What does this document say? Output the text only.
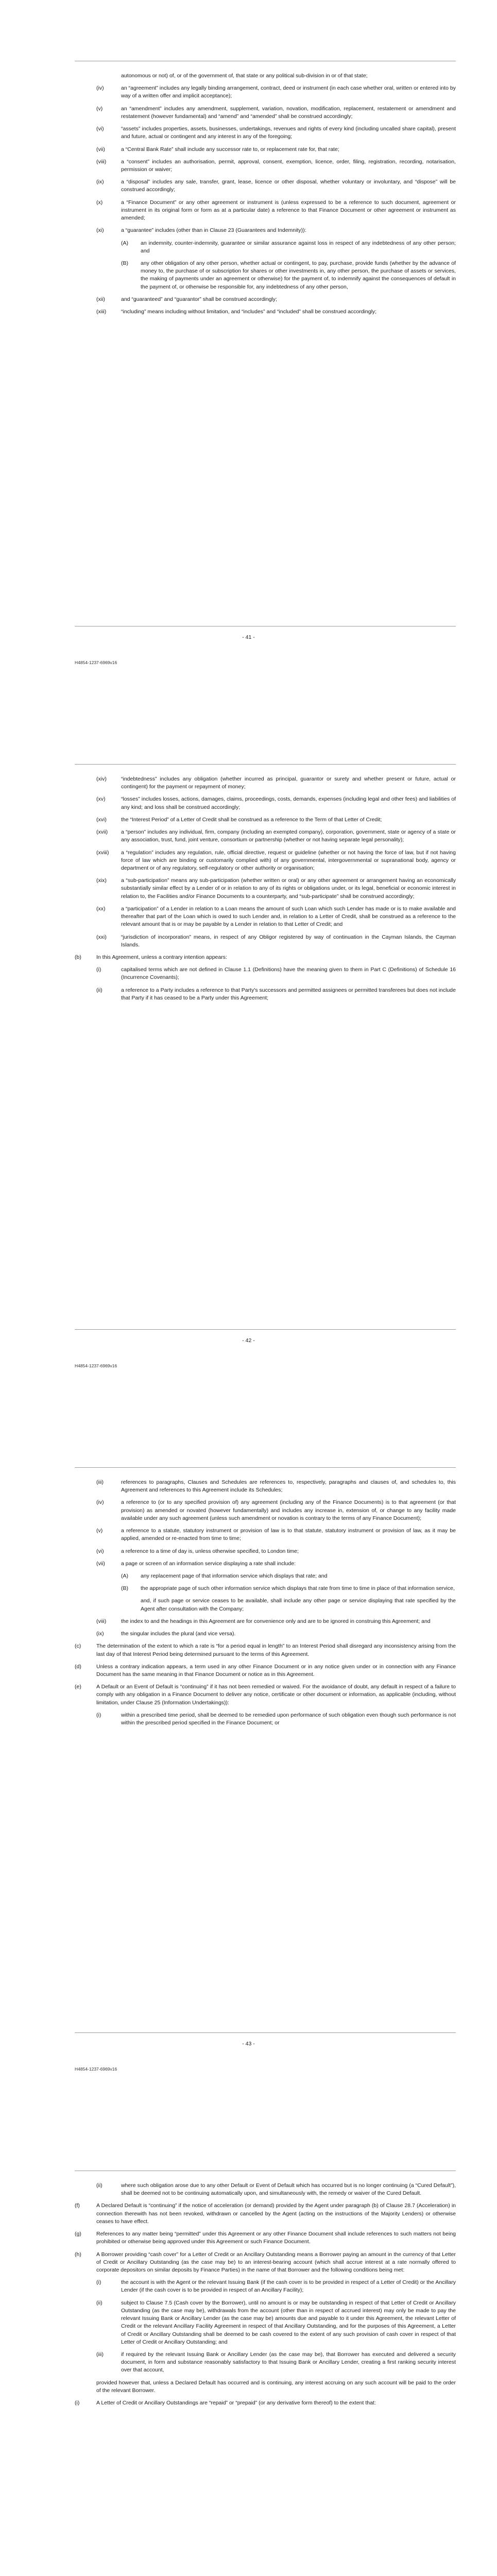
autonomous or not) of, or of the government of, that state or any political sub-division in or of that state;
(iv)	an “agreement” includes any legally binding arrangement, contract, deed or instrument (in each case whether oral, written or entered into by way of a written offer and implicit acceptance);
(v)	an “amendment” includes any amendment, supplement, variation, novation, modification, replacement, restatement or amendment and restatement (however fundamental) and “amend” and “amended” shall be construed accordingly;
(vi)	“assets” includes properties, assets, businesses, undertakings, revenues and rights of every kind (including uncalled share capital), present and future, actual or contingent and any interest in any of the foregoing;
(vii)	a “Central Bank Rate” shall include any successor rate to, or replacement rate for, that rate;
(viii)	a “consent” includes an authorisation, permit, approval, consent, exemption, licence, order, filing, registration, recording, notarisation, permission or waiver;
(ix)	a “disposal” includes any sale, transfer, grant, lease, licence or other disposal, whether voluntary or involuntary, and “dispose” will be construed accordingly;
(x)	a “Finance Document” or any other agreement or instrument is (unless expressed to be a reference to such document, agreement or instrument in its original form or form as at a particular date) a reference to that Finance Document or other agreement or instrument as amended;
(xi)	a “guarantee” includes (other than in Clause 23 (Guarantees and Indemnity)):
(A)	an indemnity, counter-indemnity, guarantee or similar assurance against loss in respect of any indebtedness of any other person; and
(B)	any other obligation of any other person, whether actual or contingent, to pay, purchase, provide funds (whether by the advance of money to, the purchase of or subscription for shares or other investments in, any other person, the purchase of assets or services, the making of payments under an agreement or otherwise) for the payment of, to indemnify against the consequences of default in the payment of, or otherwise be responsible for, any indebtedness of any other person,
(xii)	and “guaranteed” and “guarantor” shall be construed accordingly;
(xiii)	“including” means including without limitation, and “includes” and “included” shall be construed accordingly;
- 41 -
H4854-1237-6969v16
(xiv)	“indebtedness” includes any obligation (whether incurred as principal, guarantor or surety and whether present or future, actual or contingent) for the payment or repayment of money;
(xv)	“losses” includes losses, actions, damages, claims, proceedings, costs, demands, expenses (including legal and other fees) and liabilities of any kind; and loss shall be construed accordingly;
(xvi)	the “Interest Period” of a Letter of Credit shall be construed as a reference to the Term of that Letter of Credit;
(xvii)	a “person” includes any individual, firm, company (including an exempted company), corporation, government, state or agency of a state or any association, trust, fund, joint venture, consortium or partnership (whether or not having separate legal personality);
(xviii)	a “regulation” includes any regulation, rule, official directive, request or guideline (whether or not having the force of law, but if not having force of law which are binding or customarily complied with) of any governmental, intergovernmental or supranational body, agency or department or of any regulatory, self-regulatory or other authority or organisation;
(xix)	a “sub-participation” means any sub-participation (whether written or oral) or any other agreement or arrangement having an economically substantially similar effect by a Lender of or in relation to any of its rights or obligations under, or its legal, beneficial or economic interest in relation to, the Facilities and/or Finance Documents to a counterparty, and “sub-participate” shall be construed accordingly;
(xx)	a “participation” of a Lender in relation to a Loan means the amount of such Loan which such Lender has made or is to make available and thereafter that part of the Loan which is owed to such Lender and, in relation to a Letter of Credit, shall be construed as a reference to the relevant amount that is or may be payable by a Lender in relation to that Letter of Credit; and
(xxi)	“jurisdiction of incorporation” means, in respect of any Obligor registered by way of continuation in the Cayman Islands, the Cayman Islands.
(b)	In this Agreement, unless a contrary intention appears:
(i)	capitalised terms which are not defined in Clause 1.1 (Definitions) have the meaning given to them in Part C (Definitions) of Schedule 16 (Incurrence Covenants);
(ii)	a reference to a Party includes a reference to that Party's successors and permitted assignees or permitted transferees but does not include that Party if it has ceased to be a Party under this Agreement;
- 42 -
H4854-1237-6969v16
(iii)	references to paragraphs, Clauses and Schedules are references to, respectively, paragraphs and clauses of, and schedules to, this Agreement and references to this Agreement include its Schedules;
(iv)	a reference to (or to any specified provision of) any agreement (including any of the Finance Documents) is to that agreement (or that provision) as amended or novated (however fundamentally) and includes any increase in, extension of, or change to any facility made available under any such agreement (unless such amendment or novation is contrary to the terms of any Finance Document);
(v)	a reference to a statute, statutory instrument or provision of law is to that statute, statutory instrument or provision of law, as it may be applied, amended or re-enacted from time to time;
(vi)	a reference to a time of day is, unless otherwise specified, to London time;
(vii)	a page or screen of an information service displaying a rate shall include:
(A)	any replacement page of that information service which displays that rate; and
(B)	the appropriate page of such other information service which displays that rate from time to time in place of that information service,
and, if such page or service ceases to be available, shall include any other page or service displaying that rate specified by the Agent after consultation with the Company;
(viii)	the index to and the headings in this Agreement are for convenience only and are to be ignored in construing this Agreement; and
(ix)	the singular includes the plural (and vice versa).
(c)	The determination of the extent to which a rate is “for a period equal in length” to an Interest Period shall disregard any inconsistency arising from the last day of that Interest Period being determined pursuant to the terms of this Agreement.
(d)	Unless a contrary indication appears, a term used in any other Finance Document or in any notice given under or in connection with any Finance Document has the same meaning in that Finance Document or notice as in this Agreement.
(e)	A Default or an Event of Default is “continuing” if it has not been remedied or waived. For the avoidance of doubt, any default in respect of a failure to comply with any obligation in a Finance Document to deliver any notice, certificate or other document or information, as applicable (including, without limitation, under Clause 25 (Information Undertakings)):
(i)	within a prescribed time period, shall be deemed to be remedied upon performance of such obligation even though such performance is not within the prescribed period specified in the Finance Document; or
- 43 -
H4854-1237-6969v16
(ii)	where such obligation arose due to any other Default or Event of Default which has occurred but is no longer continuing (a “Cured Default”), shall be deemed not to be continuing automatically upon, and simultaneously with, the remedy or waiver of the Cured Default.
(f)	A Declared Default is “continuing” if the notice of acceleration (or demand) provided by the Agent under paragraph (b) of Clause 28.7 (Acceleration) in connection therewith has not been revoked, withdrawn or cancelled by the Agent (acting on the instructions of the Majority Lenders) or otherwise ceases to have effect.
(g)	References to any matter being “permitted” under this Agreement or any other Finance Document shall include references to such matters not being prohibited or otherwise being approved under this Agreement or such Finance Document.
(h)	A Borrower providing “cash cover” for a Letter of Credit or an Ancillary Outstanding means a Borrower paying an amount in the currency of that Letter of Credit or Ancillary Outstanding (as the case may be) to an interest-bearing account (which shall accrue interest at a rate normally offered to corporate depositors on similar deposits by Finance Parties) in the name of that Borrower and the following conditions being met:
(i)	the account is with the Agent or the relevant Issuing Bank (if the cash cover is to be provided in respect of a Letter of Credit) or the Ancillary Lender (if the cash cover is to be provided in respect of an Ancillary Facility);
(ii)	subject to Clause 7.5 (Cash cover by the Borrower), until no amount is or may be outstanding in respect of that Letter of Credit or Ancillary Outstanding (as the case may be), withdrawals from the account (other than in respect of accrued interest) may only be made to pay the relevant Issuing Bank or Ancillary Lender (as the case may be) amounts due and payable to it under this Agreement, the relevant Letter of Credit or the relevant Ancillary Facility Agreement in respect of that Ancillary Outstanding, and for the purposes of this Agreement, a Letter of Credit or Ancillary Outstanding shall be deemed to be cash covered to the extent of any such provision of cash cover in respect of that Letter of Credit or Ancillary Outstanding; and
(iii)	if required by the relevant Issuing Bank or Ancillary Lender (as the case may be), that Borrower has executed and delivered a security document, in form and substance reasonably satisfactory to that Issuing Bank or Ancillary Lender, creating a first ranking security interest over that account,
provided however that, unless a Declared Default has occurred and is continuing, any interest accruing on any such account will be paid to the order of the relevant Borrower.
(i)	A Letter of Credit or Ancillary Outstandings are “repaid” or “prepaid” (or any derivative form thereof) to the extent that:
